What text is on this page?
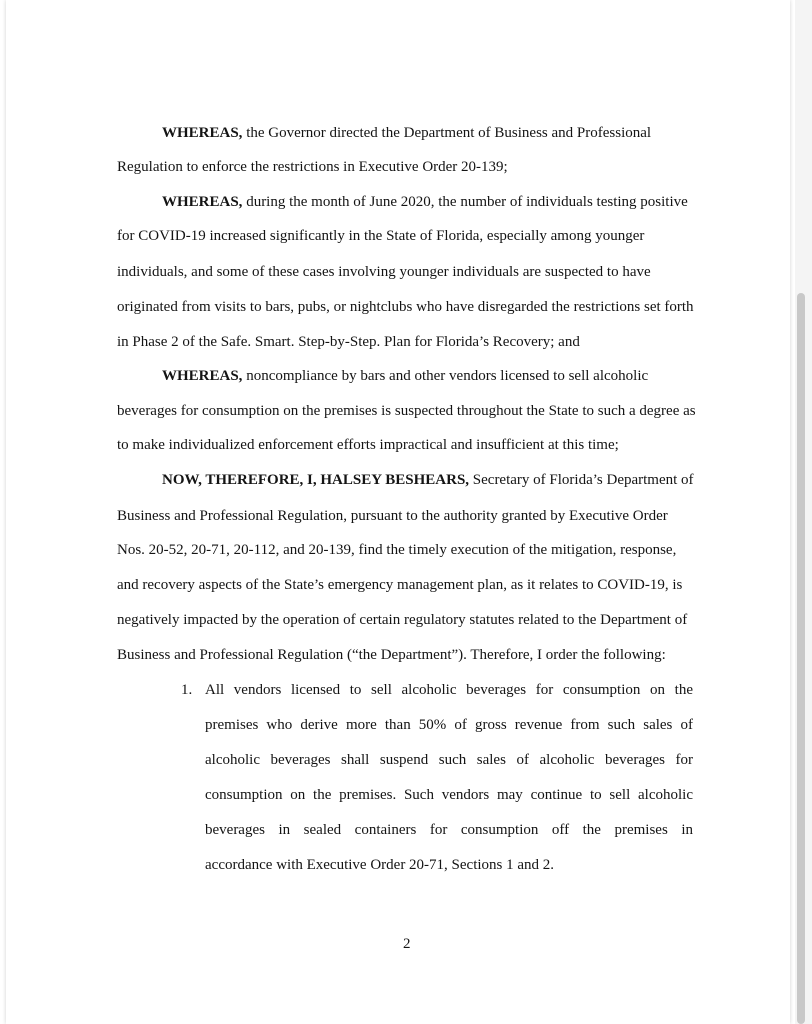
WHEREAS, the Governor directed the Department of Business and Professional
Regulation to enforce the restrictions in Executive Order 20-139;
WHEREAS, during the month of June 2020, the number of individuals testing positive
for COVID-19 increased significantly in the State of Florida, especially among younger
individuals, and some of these cases involving younger individuals are suspected to have
originated from visits to bars, pubs, or nightclubs who have disregarded the restrictions set forth
in Phase 2 of the Safe. Smart. Step-by-Step. Plan for Florida’s Recovery; and
WHEREAS, noncompliance by bars and other vendors licensed to sell alcoholic
beverages for consumption on the premises is suspected throughout the State to such a degree as
to make individualized enforcement efforts impractical and insufficient at this time;
NOW, THEREFORE, I, HALSEY BESHEARS, Secretary of Florida’s Department of
Business and Professional Regulation, pursuant to the authority granted by Executive Order
Nos. 20-52, 20-71, 20-112, and 20-139, find the timely execution of the mitigation, response,
and recovery aspects of the State’s emergency management plan, as it relates to COVID-19, is
negatively impacted by the operation of certain regulatory statutes related to the Department of
Business and Professional Regulation (“the Department”). Therefore, I order the following:
1. All vendors licensed to sell alcoholic beverages for consumption on the
premises who derive more than 50% of gross revenue from such sales of
alcoholic beverages shall suspend such sales of alcoholic beverages for
consumption on the premises. Such vendors may continue to sell alcoholic
beverages in sealed containers for consumption off the premises in
accordance with Executive Order 20-71, Sections 1 and 2.
2
